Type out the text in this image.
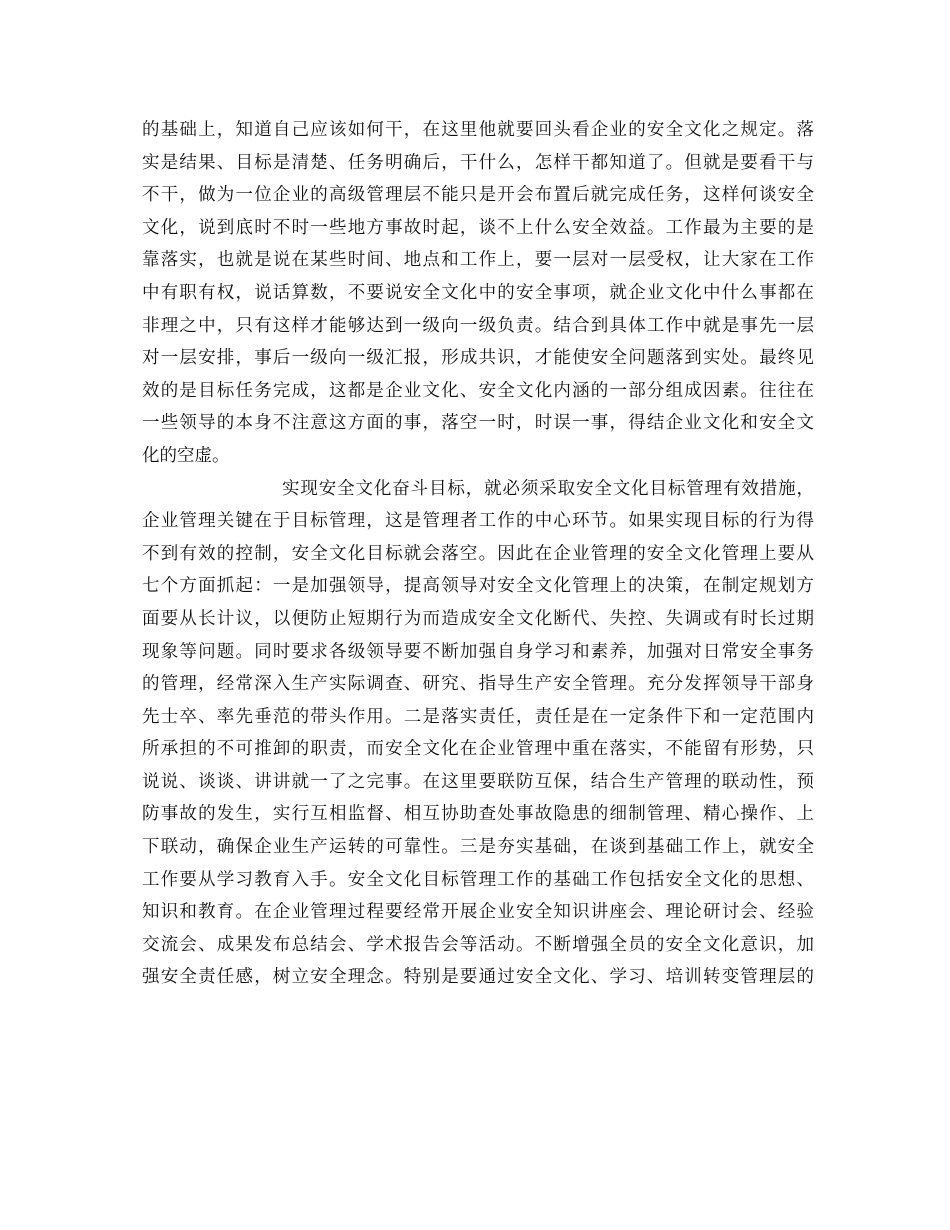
的基础上，知道自己应该如何干，在这里他就要回头看企业的安全文化之规定。落
实是结果、目标是清楚、任务明确后，干什么，怎样干都知道了。但就是要看干与
不干，做为一位企业的高级管理层不能只是开会布置后就完成任务，这样何谈安全
文化，说到底时不时一些地方事故时起，谈不上什么安全效益。工作最为主要的是
靠落实，也就是说在某些时间、地点和工作上，要一层对一层受权，让大家在工作
中有职有权，说话算数，不要说安全文化中的安全事项，就企业文化中什么事都在
非理之中，只有这样才能够达到一级向一级负责。结合到具体工作中就是事先一层
对一层安排，事后一级向一级汇报，形成共识，才能使安全问题落到实处。最终见
效的是目标任务完成，这都是企业文化、安全文化内涵的一部分组成因素。往往在
一些领导的本身不注意这方面的事，落空一时，时误一事，得结企业文化和安全文
化的空虚。
实现安全文化奋斗目标，就必须采取安全文化目标管理有效措施，
企业管理关键在于目标管理，这是管理者工作的中心环节。如果实现目标的行为得
不到有效的控制，安全文化目标就会落空。因此在企业管理的安全文化管理上要从
七个方面抓起：一是加强领导，提高领导对安全文化管理上的决策，在制定规划方
面要从长计议，以便防止短期行为而造成安全文化断代、失控、失调或有时长过期
现象等问题。同时要求各级领导要不断加强自身学习和素养，加强对日常安全事务
的管理，经常深入生产实际调查、研究、指导生产安全管理。充分发挥领导干部身
先士卒、率先垂范的带头作用。二是落实责任，责任是在一定条件下和一定范围内
所承担的不可推卸的职责，而安全文化在企业管理中重在落实，不能留有形势，只
说说、谈谈、讲讲就一了之完事。在这里要联防互保，结合生产管理的联动性，预
防事故的发生，实行互相监督、相互协助查处事故隐患的细制管理、精心操作、上
下联动，确保企业生产运转的可靠性。三是夯实基础，在谈到基础工作上，就安全
工作要从学习教育入手。安全文化目标管理工作的基础工作包括安全文化的思想、
知识和教育。在企业管理过程要经常开展企业安全知识讲座会、理论研讨会、经验
交流会、成果发布总结会、学术报告会等活动。不断增强全员的安全文化意识，加
强安全责任感，树立安全理念。特别是要通过安全文化、学习、培训转变管理层的
